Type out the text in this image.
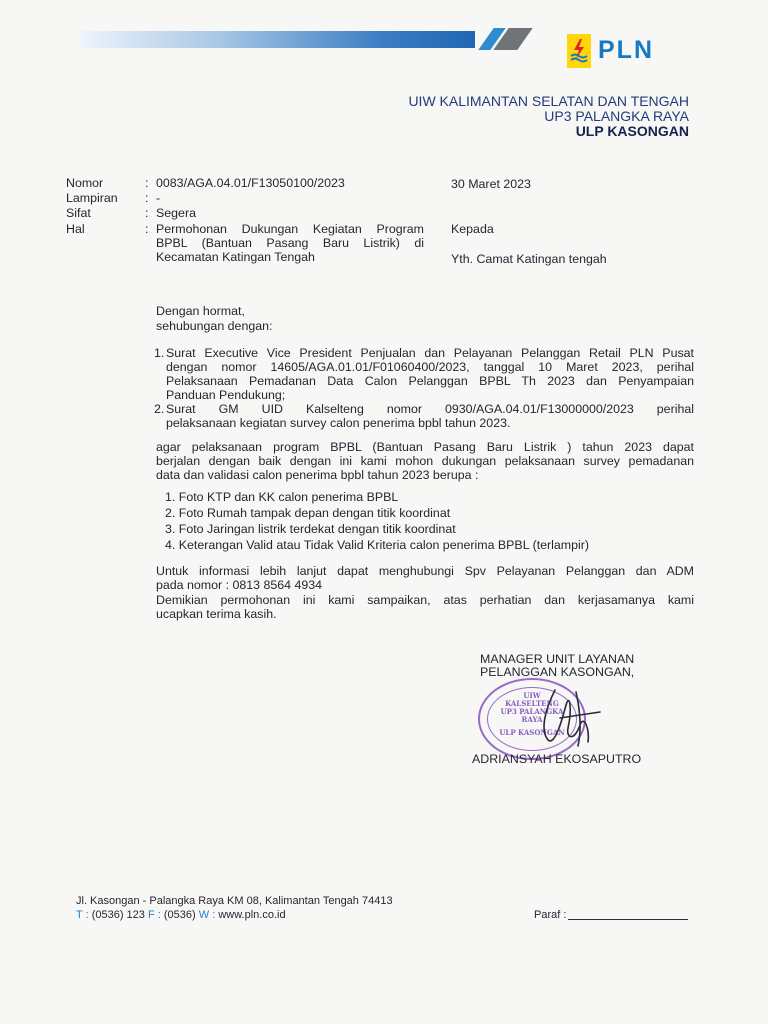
PLN
UIW KALIMANTAN SELATAN DAN TENGAH
UP3 PALANGKA RAYA
ULP KASONGAN
Nomor	: 0083/AGA.04.01/F13050100/2023
Lampiran : -
Sifat	: Segera
Hal	: Permohonan Dukungan Kegiatan Program
BPBL (Bantuan Pasang Baru Listrik) di
Kecamatan Katingan Tengah
30 Maret 2023
Kepada
Yth. Camat Katingan tengah
Dengan hormat,
sehubungan dengan:
1. Surat Executive Vice President Penjualan dan Pelayanan Pelanggan Retail PLN Pusat
dengan nomor 14605/AGA.01.01/F01060400/2023, tanggal 10 Maret 2023, perihal
Pelaksanaan Pemadanan Data Calon Pelanggan BPBL Th 2023 dan Penyampaian
Panduan Pendukung;
2. Surat GM UID Kalselteng nomor 0930/AGA.04.01/F13000000/2023 perihal
pelaksanaan kegiatan survey calon penerima bpbl tahun 2023.
agar pelaksanaan program BPBL (Bantuan Pasang Baru Listrik ) tahun 2023 dapat
berjalan dengan baik dengan ini kami mohon dukungan pelaksanaan survey pemadanan
data dan validasi calon penerima bpbl tahun 2023 berupa :
1. Foto KTP dan KK calon penerima BPBL
2. Foto Rumah tampak depan dengan titik koordinat
3. Foto Jaringan listrik terdekat dengan titik koordinat
4. Keterangan Valid atau Tidak Valid Kriteria calon penerima BPBL (terlampir)
Untuk informasi lebih lanjut dapat menghubungi Spv Pelayanan Pelanggan dan ADM
pada nomor : 0813 8564 4934
Demikian permohonan ini kami sampaikan, atas perhatian dan kerjasamanya kami
ucapkan terima kasih.
MANAGER UNIT LAYANAN
PELANGGAN KASONGAN,
UIW
KALSELTENG
UP3 PALANGKA
RAYA
ULP KASONGAN
ADRIANSYAH EKOSAPUTRO
Jl. Kasongan - Palangka Raya KM 08, Kalimantan Tengah 74413
T : (0536) 123 F : (0536) W : www.pln.co.id	Paraf :
